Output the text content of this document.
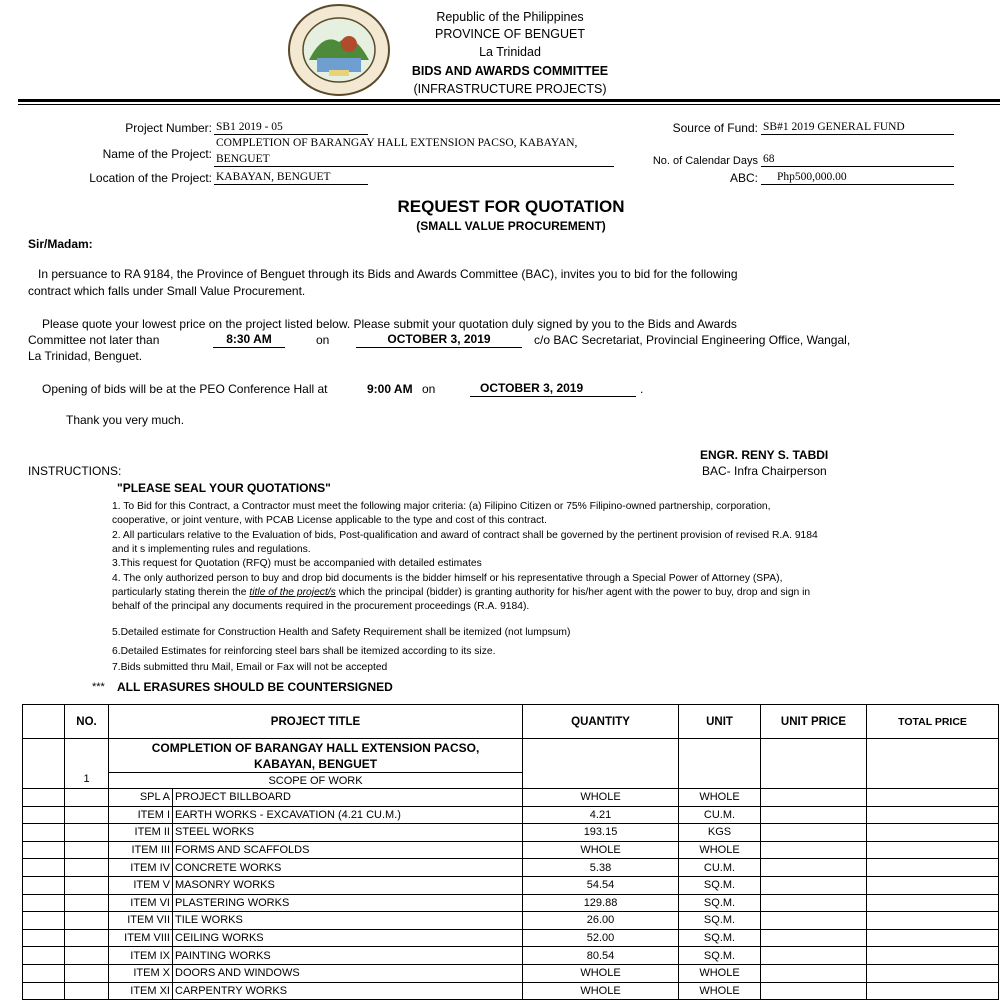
Republic of the Philippines
PROVINCE OF BENGUET
La Trinidad
BIDS AND AWARDS COMMITTEE
(INFRASTRUCTURE PROJECTS)
Project Number: SB1 2019 - 05
Name of the Project:
COMPLETION OF BARANGAY HALL EXTENSION PACSO, KABAYAN,
BENGUET
Location of the Project: KABAYAN, BENGUET
Source of Fund: SB#1 2019 GENERAL FUND
No. of Calendar Days 68
ABC:	Php500,000.00
REQUEST FOR QUOTATION
(SMALL VALUE PROCUREMENT)
Sir/Madam:
In persuance to RA 9184, the Province of Benguet through its Bids and Awards Committee (BAC), invites you to bid for the following
contract which falls under Small Value Procurement.
Please quote your lowest price on the project listed below. Please submit your quotation duly signed by you to the Bids and Awards
Committee not later than	8:30 AM	on	OCTOBER 3, 2019	c/o BAC Secretariat, Provincial Engineering Office, Wangal,
La Trinidad, Benguet.
Opening of bids will be at the PEO Conference Hall at	9:00 AM on	OCTOBER 3, 2019	.
Thank you very much.
ENGR. RENY S. TABDI
BAC- Infra Chairperson
INSTRUCTIONS:
"PLEASE SEAL YOUR QUOTATIONS"
1. To Bid for this Contract, a Contractor must meet the following major criteria: (a) Filipino Citizen or 75% Filipino-owned partnership, corporation,
cooperative, or joint venture, with PCAB License applicable to the type and cost of this contract.
2. All particulars relative to the Evaluation of bids, Post-qualification and award of contract shall be governed by the pertinent provision of revised R.A. 9184
and it s implementing rules and regulations.
3.This request for Quotation (RFQ) must be accompanied with detailed estimates
4. The only authorized person to buy and drop bid documents is the bidder himself or his representative through a Special Power of Attorney (SPA),
particularly stating therein the title of the project/s which the principal (bidder) is granting authority for his/her agent with the power to buy, drop and sign in
behalf of the principal any documents required in the procurement proceedings (R.A. 9184).
5.Detailed estimate for Construction Health and Safety Requirement shall be itemized (not lumpsum)
6.Detailed Estimates for reinforcing steel bars shall be itemized according to its size.
7.Bids submitted thru Mail, Email or Fax will not be accepted
*** ALL ERASURES SHOULD BE COUNTERSIGNED
	NO.	PROJECT TITLE		QUANTITY	UNIT	UNIT PRICE	TOTAL PRICE
	1	COMPLETION OF BARANGAY HALL EXTENSION PACSO,
KABAYAN, BENGUET					

		SCOPE OF WORK					
		SPL A	PROJECT BILLBOARD	WHOLE	WHOLE		
		ITEM I	EARTH WORKS - EXCAVATION (4.21 CU.M.)	4.21	CU.M.		
		ITEM II	STEEL WORKS	193.15	KGS		
		ITEM III	FORMS AND SCAFFOLDS	WHOLE	WHOLE		
		ITEM IV	CONCRETE WORKS	5.38	CU.M.		
		ITEM V	MASONRY WORKS	54.54	SQ.M.		
		ITEM VI	PLASTERING WORKS	129.88	SQ.M.		
		ITEM VII	TILE WORKS	26.00	SQ.M.		
		ITEM VIII	CEILING WORKS	52.00	SQ.M.		
		ITEM IX	PAINTING WORKS	80.54	SQ.M.		
		ITEM X	DOORS AND WINDOWS	WHOLE	WHOLE		
		ITEM XI	CARPENTRY WORKS	WHOLE	WHOLE		
